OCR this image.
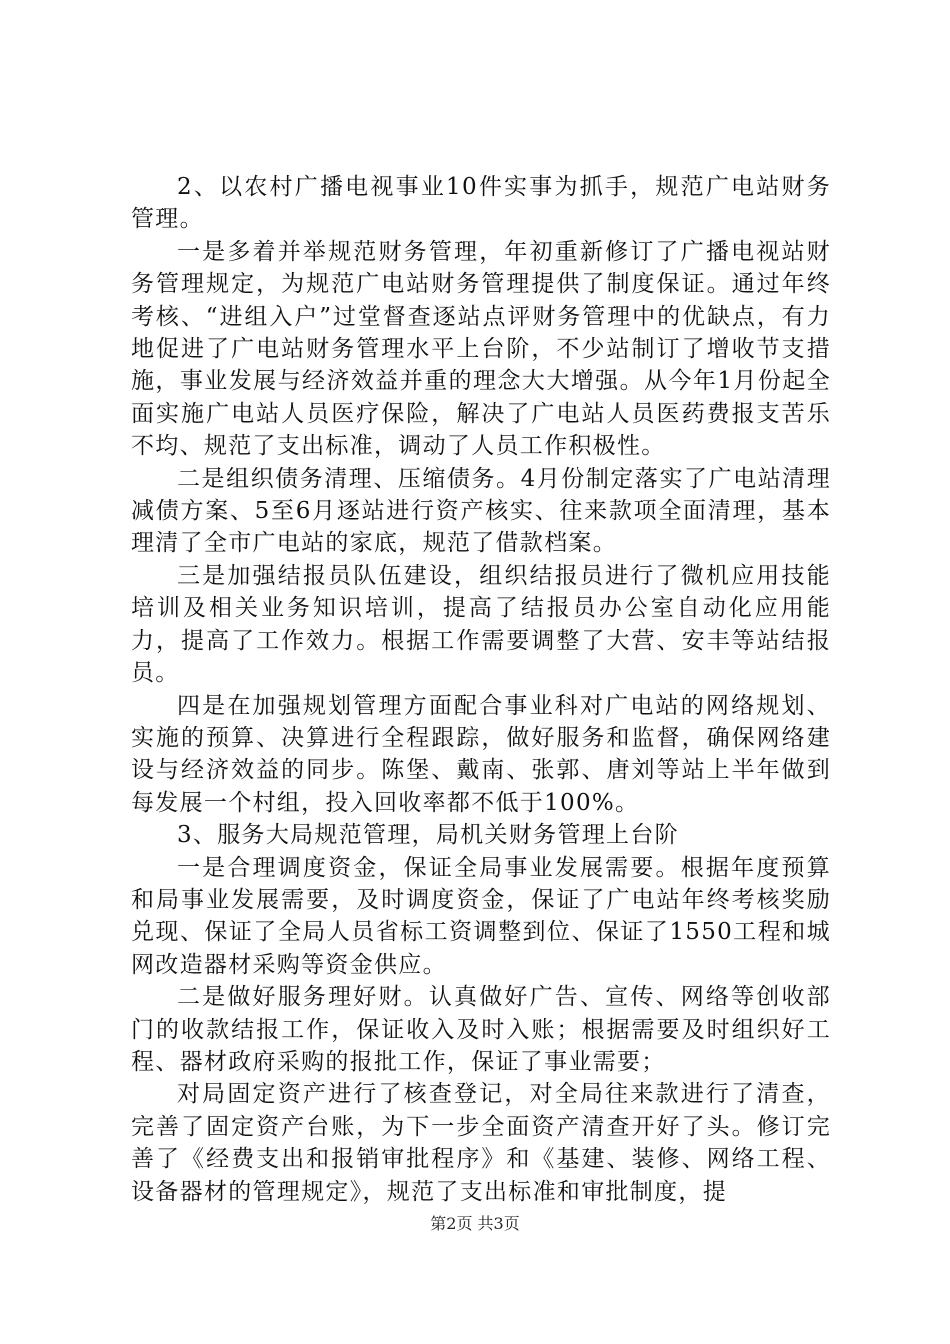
2、以农村广播电视事业10件实事为抓手，规范广电站财务管理。

一是多着并举规范财务管理，年初重新修订了广播电视站财务管理规定，为规范广电站财务管理提供了制度保证。通过年终考核、“进组入户”过堂督查逐站点评财务管理中的优缺点，有力地促进了广电站财务管理水平上台阶，不少站制订了增收节支措施，事业发展与经济效益并重的理念大大增强。从今年1月份起全面实施广电站人员医疗保险，解决了广电站人员医药费报支苦乐不均、规范了支出标准，调动了人员工作积极性。

二是组织债务清理、压缩债务。4月份制定落实了广电站清理减债方案、5至6月逐站进行资产核实、往来款项全面清理，基本理清了全市广电站的家底，规范了借款档案。

三是加强结报员队伍建设，组织结报员进行了微机应用技能培训及相关业务知识培训，提高了结报员办公室自动化应用能力，提高了工作效力。根据工作需要调整了大营、安丰等站结报员。

四是在加强规划管理方面配合事业科对广电站的网络规划、实施的预算、决算进行全程跟踪，做好服务和监督，确保网络建设与经济效益的同步。陈堡、戴南、张郭、唐刘等站上半年做到每发展一个村组，投入回收率都不低于100%。

3、服务大局规范管理，局机关财务管理上台阶

一是合理调度资金，保证全局事业发展需要。根据年度预算和局事业发展需要，及时调度资金，保证了广电站年终考核奖励兑现、保证了全局人员省标工资调整到位、保证了1550工程和城网改造器材采购等资金供应。

二是做好服务理好财。认真做好广告、宣传、网络等创收部门的收款结报工作，保证收入及时入账；根据需要及时组织好工程、器材政府采购的报批工作，保证了事业需要；

对局固定资产进行了核查登记，对全局往来款进行了清查，完善了固定资产台账，为下一步全面资产清查开好了头。修订完善了《经费支出和报销审批程序》和《基建、装修、网络工程、设备器材的管理规定》，规范了支出标准和审批制度，提

第2页 共3页
